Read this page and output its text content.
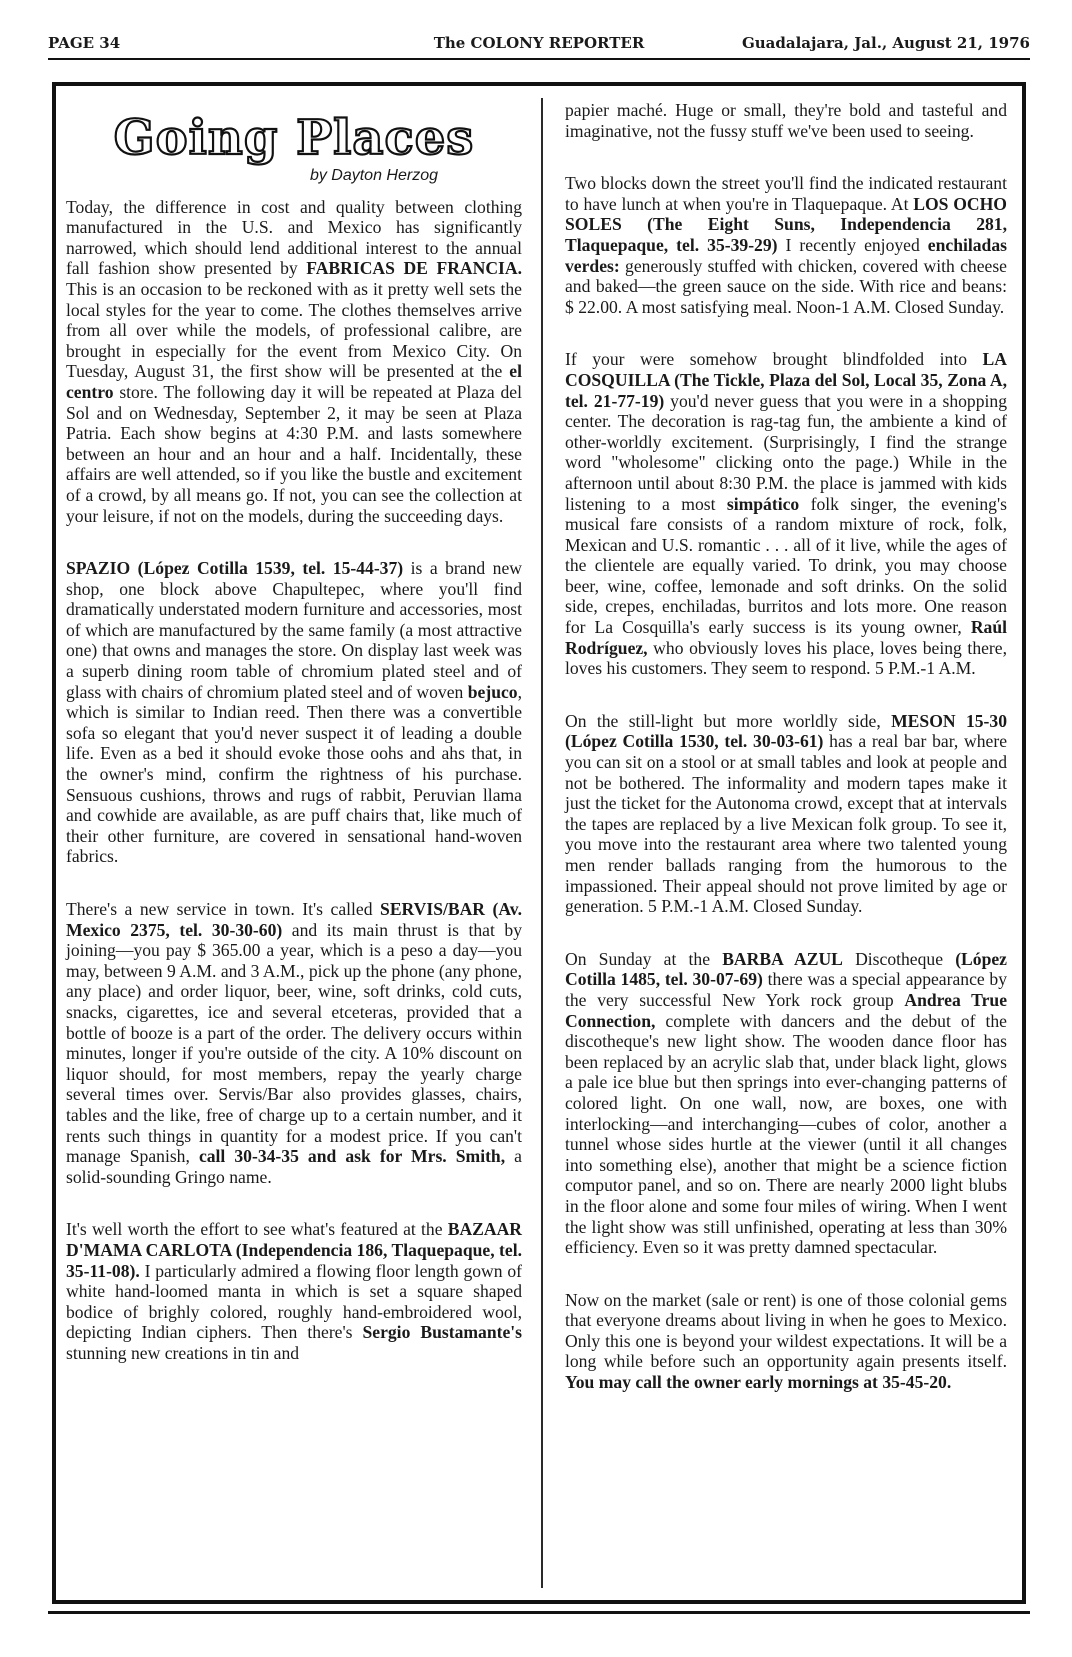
PAGE 34	The COLONY REPORTER	Guadalajara, Jal., August 21, 1976
Going Places
by Dayton Herzog

Today, the difference in cost and quality between clothing manufactured in the U.S. and Mexico has significantly narrowed, which should lend additional interest to the annual fall fashion show presented by FABRICAS DE FRANCIA. This is an occasion to be reckoned with as it pretty well sets the local styles for the year to come. The clothes themselves arrive from all over while the models, of professional calibre, are brought in especially for the event from Mexico City. On Tuesday, August 31, the first show will be presented at the el centro store. The following day it will be repeated at Plaza del Sol and on Wednesday, September 2, it may be seen at Plaza Patria. Each show begins at 4:30 P.M. and lasts somewhere between an hour and an hour and a half. Incidentally, these affairs are well attended, so if you like the bustle and excitement of a crowd, by all means go. If not, you can see the collection at your leisure, if not on the models, during the succeeding days.

SPAZIO (López Cotilla 1539, tel. 15-44-37) is a brand new shop, one block above Chapultepec, where you'll find dramatically understated modern furniture and accessories, most of which are manufactured by the same family (a most attractive one) that owns and manages the store. On display last week was a superb dining room table of chromium plated steel and of glass with chairs of chromium plated steel and of woven bejuco, which is similar to Indian reed. Then there was a convertible sofa so elegant that you'd never suspect it of leading a double life. Even as a bed it should evoke those oohs and ahs that, in the owner's mind, confirm the rightness of his purchase. Sensuous cushions, throws and rugs of rabbit, Peruvian llama and cowhide are available, as are puff chairs that, like much of their other furniture, are covered in sensational hand-woven fabrics.

There's a new service in town. It's called SERVIS/BAR (Av. Mexico 2375, tel. 30-30-60) and its main thrust is that by joining—you pay $ 365.00 a year, which is a peso a day—you may, between 9 A.M. and 3 A.M., pick up the phone (any phone, any place) and order liquor, beer, wine, soft drinks, cold cuts, snacks, cigarettes, ice and several etceteras, provided that a bottle of booze is a part of the order. The delivery occurs within minutes, longer if you're outside of the city. A 10% discount on liquor should, for most members, repay the yearly charge several times over. Servis/Bar also provides glasses, chairs, tables and the like, free of charge up to a certain number, and it rents such things in quantity for a modest price. If you can't manage Spanish, call 30-34-35 and ask for Mrs. Smith, a solid-sounding Gringo name.

It's well worth the effort to see what's featured at the BAZAAR D'MAMA CARLOTA (Independencia 186, Tlaquepaque, tel. 35-11-08). I particularly admired a flowing floor length gown of white hand-loomed manta in which is set a square shaped bodice of brighly colored, roughly hand-embroidered wool, depicting Indian ciphers. Then there's Sergio Bustamante's stunning new creations in tin and

papier maché. Huge or small, they're bold and tasteful and imaginative, not the fussy stuff we've been used to seeing.

Two blocks down the street you'll find the indicated restaurant to have lunch at when you're in Tlaquepaque. At LOS OCHO SOLES (The Eight Suns, Independencia 281, Tlaquepaque, tel. 35-39-29) I recently enjoyed enchiladas verdes: generously stuffed with chicken, covered with cheese and baked—the green sauce on the side. With rice and beans: $ 22.00. A most satisfying meal. Noon-1 A.M. Closed Sunday.

If your were somehow brought blindfolded into LA COSQUILLA (The Tickle, Plaza del Sol, Local 35, Zona A, tel. 21-77-19) you'd never guess that you were in a shopping center. The decoration is rag-tag fun, the ambiente a kind of other-worldly excitement. (Surprisingly, I find the strange word "wholesome" clicking onto the page.) While in the afternoon until about 8:30 P.M. the place is jammed with kids listening to a most simpático folk singer, the evening's musical fare consists of a random mixture of rock, folk, Mexican and U.S. romantic . . . all of it live, while the ages of the clientele are equally varied. To drink, you may choose beer, wine, coffee, lemonade and soft drinks. On the solid side, crepes, enchiladas, burritos and lots more. One reason for La Cosquilla's early success is its young owner, Raúl Rodríguez, who obviously loves his place, loves being there, loves his customers. They seem to respond. 5 P.M.-1 A.M.

On the still-light but more worldly side, MESON 15-30 (López Cotilla 1530, tel. 30-03-61) has a real bar bar, where you can sit on a stool or at small tables and look at people and not be bothered. The informality and modern tapes make it just the ticket for the Autonoma crowd, except that at intervals the tapes are replaced by a live Mexican folk group. To see it, you move into the restaurant area where two talented young men render ballads ranging from the humorous to the impassioned. Their appeal should not prove limited by age or generation. 5 P.M.-1 A.M. Closed Sunday.

On Sunday at the BARBA AZUL Discotheque (López Cotilla 1485, tel. 30-07-69) there was a special appearance by the very successful New York rock group Andrea True Connection, complete with dancers and the debut of the discotheque's new light show. The wooden dance floor has been replaced by an acrylic slab that, under black light, glows a pale ice blue but then springs into ever-changing patterns of colored light. On one wall, now, are boxes, one with interlocking—and interchanging—cubes of color, another a tunnel whose sides hurtle at the viewer (until it all changes into something else), another that might be a science fiction computor panel, and so on. There are nearly 2000 light blubs in the floor alone and some four miles of wiring. When I went the light show was still unfinished, operating at less than 30% efficiency. Even so it was pretty damned spectacular.

Now on the market (sale or rent) is one of those colonial gems that everyone dreams about living in when he goes to Mexico. Only this one is beyond your wildest expectations. It will be a long while before such an opportunity again presents itself. You may call the owner early mornings at 35-45-20.
